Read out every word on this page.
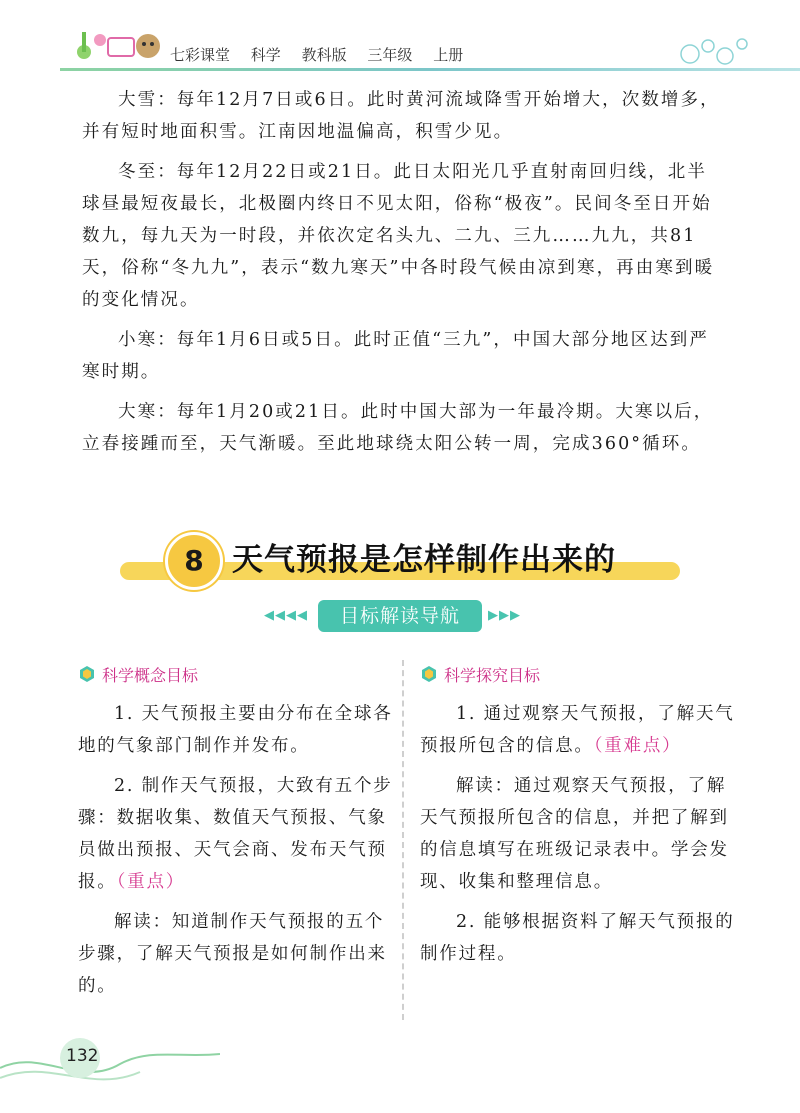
七彩课堂 科学 教科版 三年级 上册

大雪：每年12月7日或6日。此时黄河流域降雪开始增大，次数增多，并有短时地面积雪。江南因地温偏高，积雪少见。

冬至：每年12月22日或21日。此日太阳光几乎直射南回归线，北半球昼最短夜最长，北极圈内终日不见太阳，俗称“极夜”。民间冬至日开始数九，每九天为一时段，并依次定名头九、二九、三九……九九，共81天，俗称“冬九九”，表示“数九寒天”中各时段气候由凉到寒，再由寒到暖的变化情况。

小寒：每年1月6日或5日。此时正值“三九”，中国大部分地区达到严寒时期。

大寒：每年1月20或21日。此时中国大部为一年最冷期。大寒以后，立春接踵而至，天气渐暖。至此地球绕太阳公转一周，完成360°循环。

8 天气预报是怎样制作出来的
◀◀◀◀	目标解读导航	▶▶▶
科学概念目标

1. 天气预报主要由分布在全球各地的气象部门制作并发布。

2. 制作天气预报，大致有五个步骤：数据收集、数值天气预报、气象员做出预报、天气会商、发布天气预报。（重点）

解读：知道制作天气预报的五个步骤，了解天气预报是如何制作出来的。

科学探究目标

1. 通过观察天气预报，了解天气预报所包含的信息。（重难点）

解读：通过观察天气预报，了解天气预报所包含的信息，并把了解到的信息填写在班级记录表中。学会发现、收集和整理信息。

2. 能够根据资料了解天气预报的制作过程。

132
